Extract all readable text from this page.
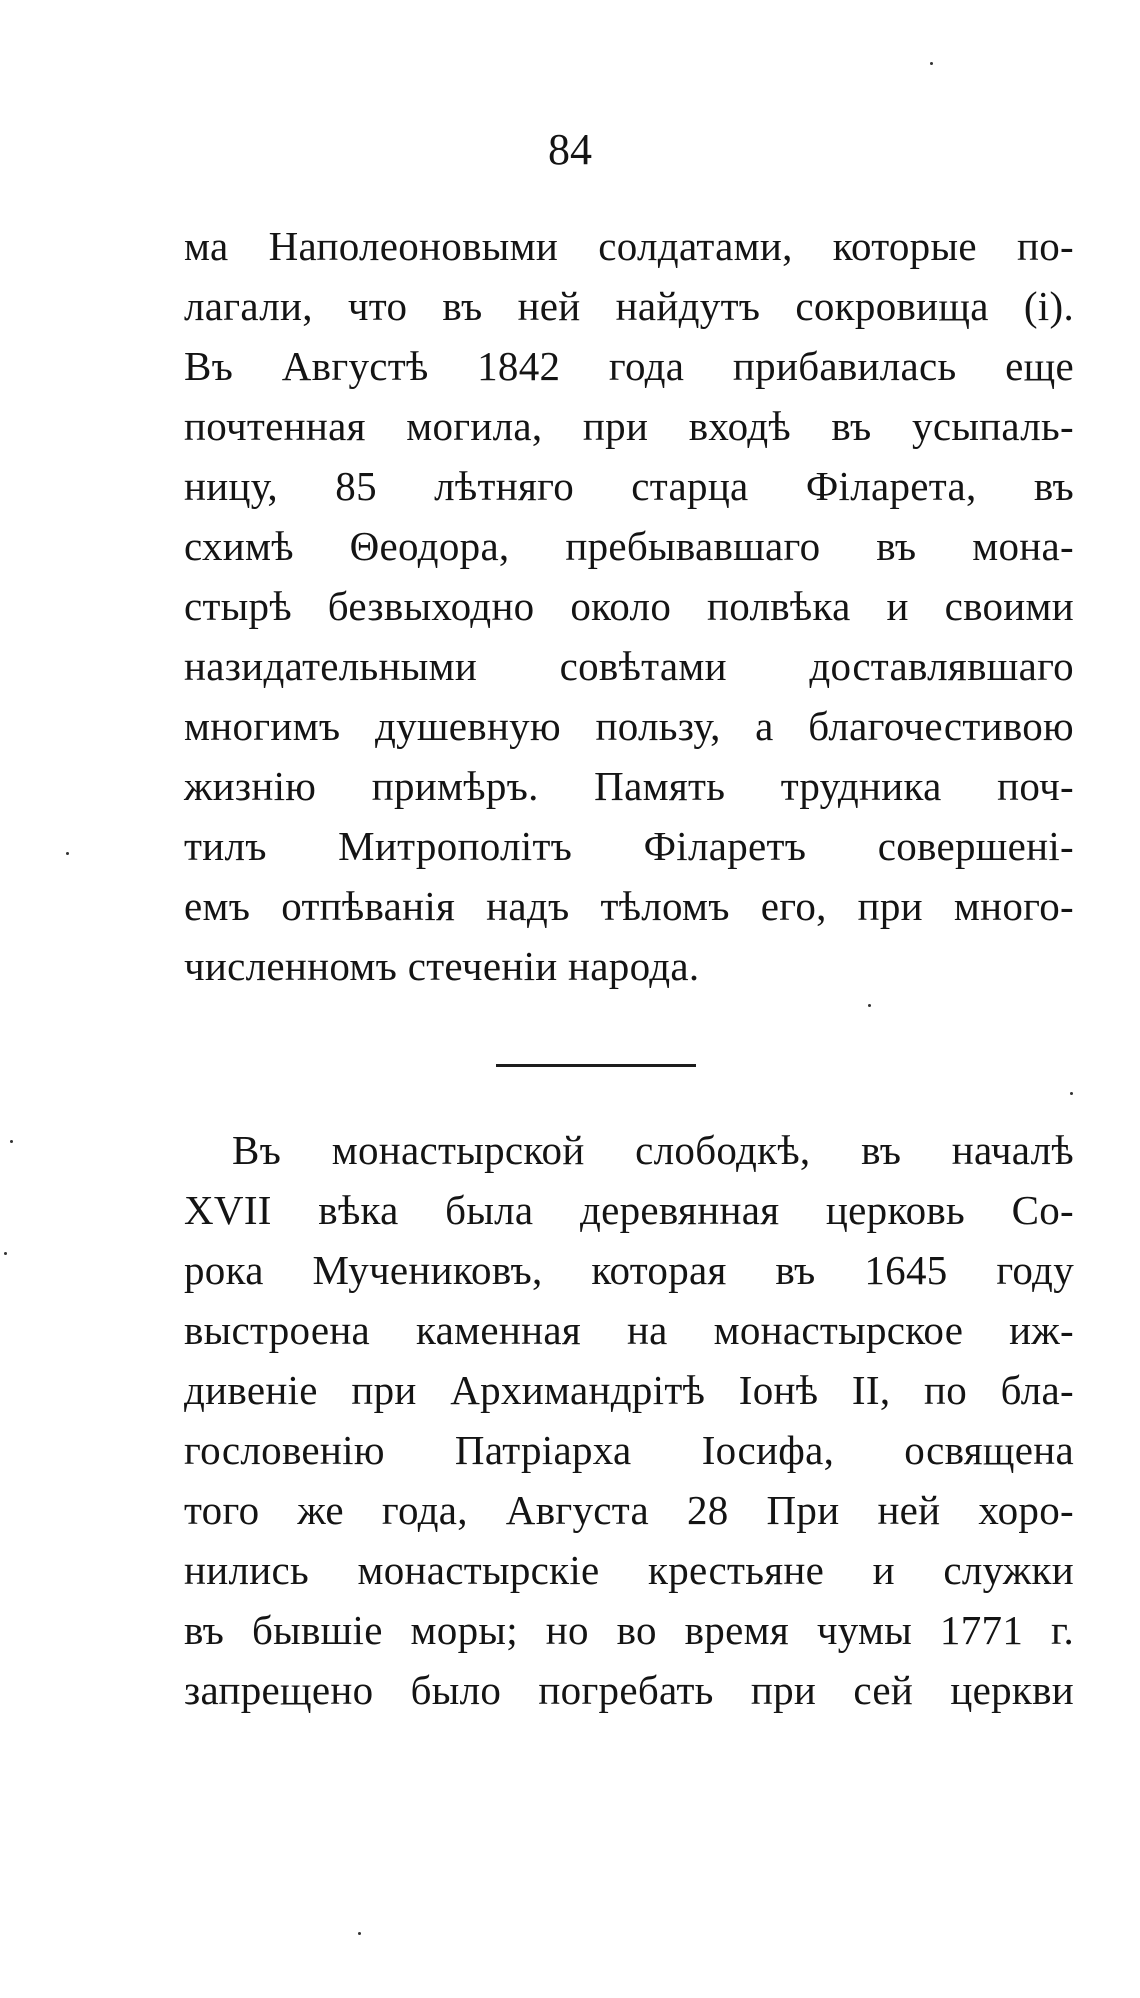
84
ма Наполеоновыми солдатами, которые по-
лагали, что въ ней найдутъ сокровища (i).
Въ Августѣ 1842 года прибавилась еще
почтенная могила, при входѣ въ усыпаль-
ницу, 85 лѣтняго старца Філарета, въ
схимѣ Θеодора, пребывавшаго въ мона-
стырѣ безвыходно около полвѣка и своими
назидательными совѣтами доставлявшаго
многимъ душевную пользу, а благочестивою
жизнію примѣръ. Память трудника поч-
тилъ Митрополітъ Філаретъ совершені-
емъ отпѣванія надъ тѣломъ его, при много-
численномъ стеченіи народа.
Въ монастырской слободкѣ, въ началѣ
XVII вѣка была деревянная церковь Со-
рока Мучениковъ, которая въ 1645 году
выстроена каменная на монастырское иж-
дивеніе при Архимандрітѣ Іонѣ II, по бла-
гословенію Патріарха Іосифа, освящена
того же года, Августа 28 При ней хоро-
нились монастырскіе крестьяне и служки
въ бывшіе моры; но во время чумы 1771 г.
запрещено было погребать при сей церкви
